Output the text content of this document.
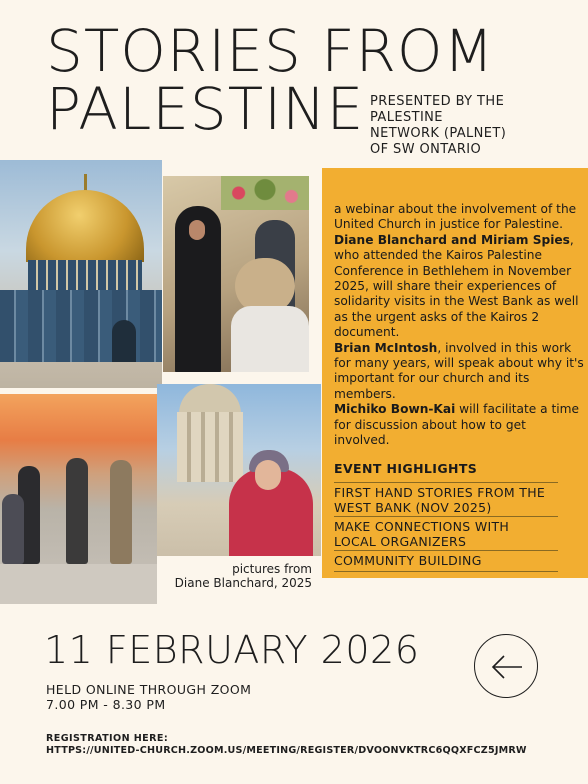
STORIES FROM
PALESTINE PRESENTED BY THE
PALESTINE
NETWORK (PALNET)
OF SW ONTARIO
pictures from
Diane Blanchard, 2025

a webinar about the involvement of the United Church in justice for Palestine.

Diane Blanchard and Miriam Spies, who attended the Kairos Palestine Conference in Bethlehem in November 2025, will share their experiences of solidarity visits in the West Bank as well as the urgent asks of the Kairos 2 document.

Brian McIntosh, involved in this work for many years, will speak about why it's important for our church and its members.

Michiko Bown-Kai will facilitate a time for discussion about how to get involved.

EVENT HIGHLIGHTS
FIRST HAND STORIES FROM THE
WEST BANK (NOV 2025)
MAKE CONNECTIONS WITH
LOCAL ORGANIZERS
COMMUNITY BUILDING
11 FEBRUARY 2026
HELD ONLINE THROUGH ZOOM
7.00 PM - 8.30 PM
REGISTRATION HERE:
HTTPS://UNITED-CHURCH.ZOOM.US/MEETING/REGISTER/DVOONVKTRC6QQXFCZ5JMRW
